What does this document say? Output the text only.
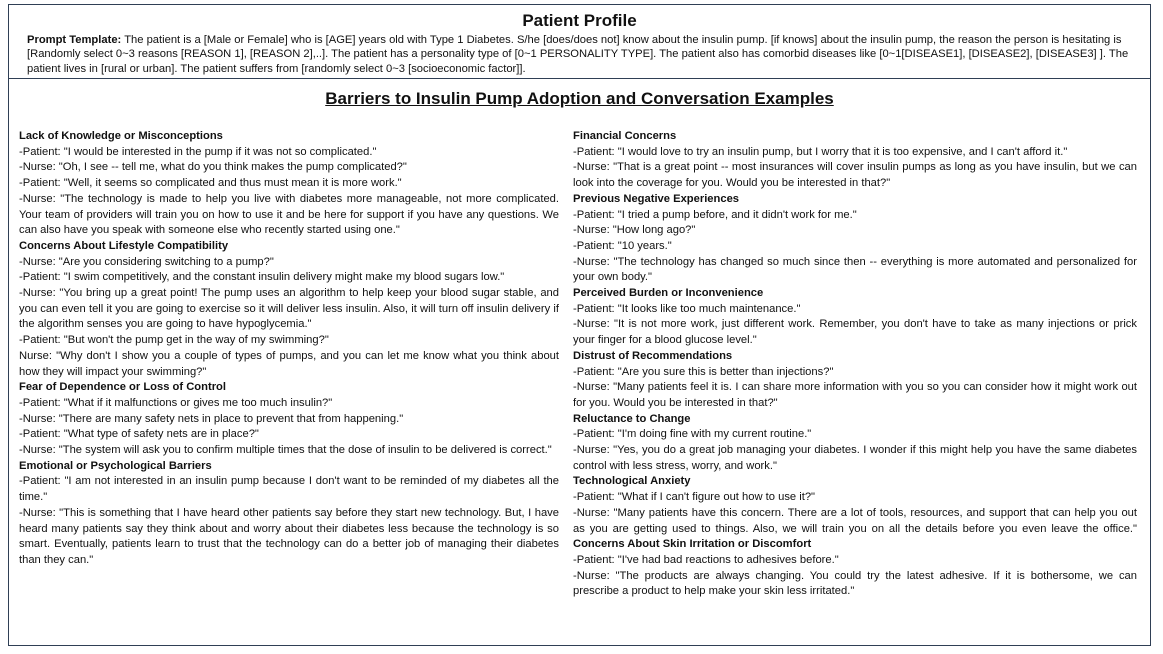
Patient Profile
Prompt Template: The patient is a [Male or Female] who is [AGE] years old with Type 1 Diabetes. S/he [does/does not] know about the insulin pump. [if knows] about the insulin pump, the reason the person is hesitating is [Randomly select 0~3 reasons [REASON 1], [REASON 2],..]. The patient has a personality type of [0~1 PERSONALITY TYPE]. The patient also has comorbid diseases like [0~1[DISEASE1], [DISEASE2], [DISEASE3] ]. The patient lives in [rural or urban]. The patient suffers from [randomly select 0~3 [socioeconomic factor]].
Barriers to Insulin Pump Adoption and Conversation Examples
Lack of Knowledge or Misconceptions
-Patient: "I would be interested in the pump if it was not so complicated."
-Nurse: "Oh, I see -- tell me, what do you think makes the pump complicated?"
-Patient: "Well, it seems so complicated and thus must mean it is more work."
-Nurse: "The technology is made to help you live with diabetes more manageable, not more complicated. Your team of providers will train you on how to use it and be here for support if you have any questions. We can also have you speak with someone else who recently started using one."
Concerns About Lifestyle Compatibility
-Nurse: "Are you considering switching to a pump?"
-Patient: "I swim competitively, and the constant insulin delivery might make my blood sugars low."
-Nurse: "You bring up a great point! The pump uses an algorithm to help keep your blood sugar stable, and you can even tell it you are going to exercise so it will deliver less insulin. Also, it will turn off insulin delivery if the algorithm senses you are going to have hypoglycemia."
-Patient: "But won't the pump get in the way of my swimming?"
Nurse: "Why don't I show you a couple of types of pumps, and you can let me know what you think about how they will impact your swimming?"
Fear of Dependence or Loss of Control
-Patient: "What if it malfunctions or gives me too much insulin?"
-Nurse: "There are many safety nets in place to prevent that from happening."
-Patient: "What type of safety nets are in place?"
-Nurse: "The system will ask you to confirm multiple times that the dose of insulin to be delivered is correct."
Emotional or Psychological Barriers
-Patient: "I am not interested in an insulin pump because I don't want to be reminded of my diabetes all the time."
-Nurse: "This is something that I have heard other patients say before they start new technology. But, I have heard many patients say they think about and worry about their diabetes less because the technology is so smart. Eventually, patients learn to trust that the technology can do a better job of managing their diabetes than they can."
Financial Concerns
-Patient: "I would love to try an insulin pump, but I worry that it is too expensive, and I can't afford it."
-Nurse: "That is a great point -- most insurances will cover insulin pumps as long as you have insulin, but we can look into the coverage for you. Would you be interested in that?"
Previous Negative Experiences
-Patient: "I tried a pump before, and it didn't work for me."
-Nurse: "How long ago?"
-Patient: "10 years."
-Nurse: "The technology has changed so much since then -- everything is more automated and personalized for your own body."
Perceived Burden or Inconvenience
-Patient: "It looks like too much maintenance."
-Nurse: "It is not more work, just different work. Remember, you don't have to take as many injections or prick your finger for a blood glucose level."
Distrust of Recommendations
-Patient: "Are you sure this is better than injections?"
-Nurse: "Many patients feel it is. I can share more information with you so you can consider how it might work out for you. Would you be interested in that?"
Reluctance to Change
-Patient: "I'm doing fine with my current routine."
-Nurse: "Yes, you do a great job managing your diabetes. I wonder if this might help you have the same diabetes control with less stress, worry, and work."
Technological Anxiety
-Patient: "What if I can't figure out how to use it?"
-Nurse: "Many patients have this concern. There are a lot of tools, resources, and support that can help you out as you are getting used to things. Also, we will train you on all the details before you even leave the office." Concerns About Skin Irritation or Discomfort
-Patient: "I've had bad reactions to adhesives before."
-Nurse: "The products are always changing. You could try the latest adhesive. If it is bothersome, we can prescribe a product to help make your skin less irritated."
